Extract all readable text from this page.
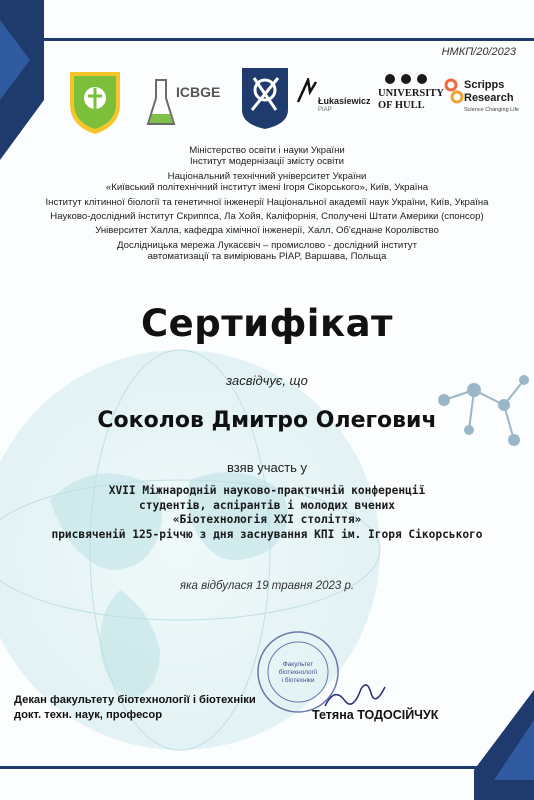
НМКП/20/2023
ICBGE
Łukasiewicz
PIAP
UNIVERSITY
OF HULL
Scripps
Research
Science Changing Life
Міністерство освіти і науки України
Інститут модернізації змісту освіти
Національний технічний університет України
«Київський політехнічний інститут імені Ігоря Сікорського», Київ, Україна
Інститут клітинної біології та генетичної інженерії Національної академії наук України, Київ, Україна
Науково-дослідний інститут Скриппса, Ла Хойя, Каліфорнія, Сполучені Штати Америки (спонсор)
Університет Халла, кафедра хімічної інженерії, Халл, Об'єднане Королівство
Дослідницька мережа Лукасєвіч – промислово - дослідний інститут
автоматизації та вимірювань PIAP, Варшава, Польща
Сертифікат
засвідчує, що
Соколов Дмитро Олегович
взяв участь у
XVII Міжнародній науково-практичній конференції
студентів, аспірантів і молодих вчених
«Біотехнологія XXI століття»
присвяченій 125-річчю з дня заснування КПІ ім. Ігоря Сікорського
яка відбулася 19 травня 2023 р.
Факультет
біотехнології
і біотехніки
Декан факультету біотехнології і біотехніки
докт. техн. наук, професор	Тетяна ТОДОСІЙЧУК
